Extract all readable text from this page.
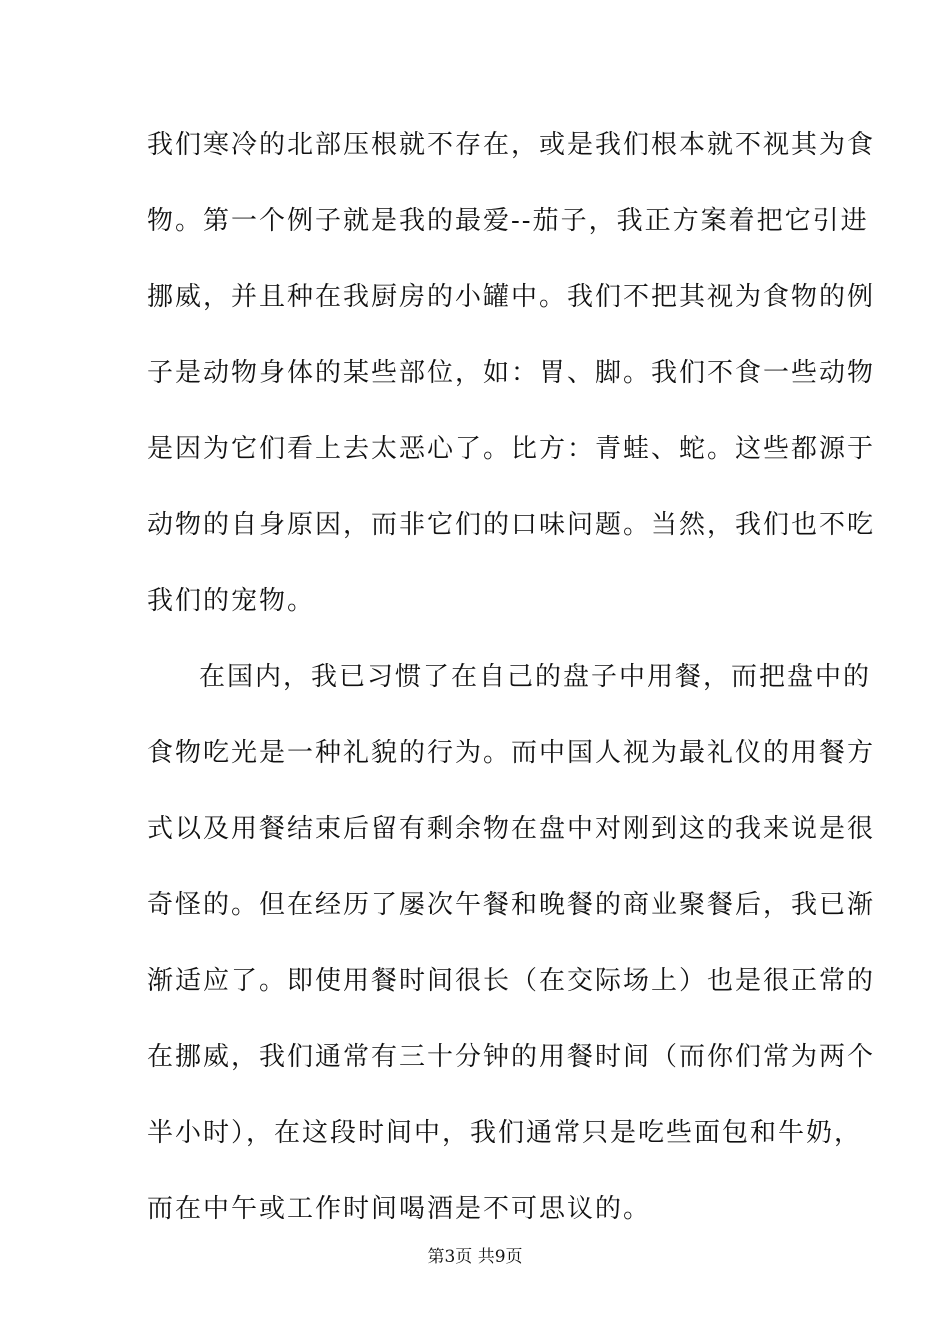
我们寒冷的北部压根就不存在，或是我们根本就不视其为食
物。第一个例子就是我的最爱--茄子，我正方案着把它引进
挪威，并且种在我厨房的小罐中。我们不把其视为食物的例
子是动物身体的某些部位，如：胃、脚。我们不食一些动物
是因为它们看上去太恶心了。比方：青蛙、蛇。这些都源于
动物的自身原因，而非它们的口味问题。当然，我们也不吃
我们的宠物。
在国内，我已习惯了在自己的盘子中用餐，而把盘中的
食物吃光是一种礼貌的行为。而中国人视为最礼仪的用餐方
式以及用餐结束后留有剩余物在盘中对刚到这的我来说是很
奇怪的。但在经历了屡次午餐和晚餐的商业聚餐后，我已渐
渐适应了。即使用餐时间很长（在交际场上）也是很正常的
在挪威，我们通常有三十分钟的用餐时间（而你们常为两个
半小时），在这段时间中，我们通常只是吃些面包和牛奶，
而在中午或工作时间喝酒是不可思议的。
第3页 共9页
